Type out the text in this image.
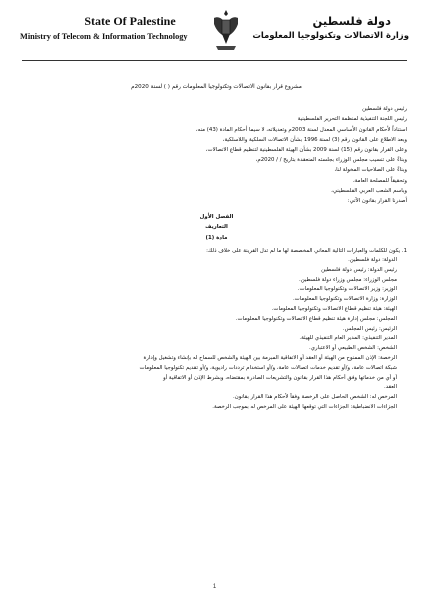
State Of Palestine
Ministry of Telecom & Information Technology
دولة فلسطين
وزارة الاتصالات وتكنولوجيا المعلومات
مشروع قرار بقانون الاتصالات وتكنولوجيا المعلومات رقم ( ) لسنة 2020م
رئيس دولة فلسطين
رئيس اللجنة التنفيذية لمنظمة التحرير الفلسطينية
استناداً لأحكام القانون الأساسي المعدل لسنة 2003م وتعديلاته، لا سيما أحكام المادة (43) منه،
وبعد الاطلاع على القانون رقم (3) لسنة 1996 بشأن الاتصالات السلكية واللاسلكية،
وعلى القرار بقانون رقم (15) لسنة 2009 بشأن الهيئة الفلسطينية لتنظيم قطاع الاتصالات،
وبناءً على تنسيب مجلس الوزراء بجلسته المنعقدة بتاريخ / / 2020م،
وبناءً على الصلاحيات المخولة لنا،
وتحقيقاً للمصلحة العامة،
وباسم الشعب العربي الفلسطيني،
أصدرنا القرار بقانون الآتي:
الفصل الأول
التعاريف
مادة (1)
1. يكون للكلمات والعبارات التالية المعاني المخصصة لها ما لم تدل القرينة على خلاف ذلك:
الدولة: دولة فلسطين.
رئيس الدولة: رئيس دولة فلسطين
مجلس الوزراء: مجلس وزراء دولة فلسطين.
الوزير: وزير الاتصالات وتكنولوجيا المعلومات.
الوزارة: وزارة الاتصالات وتكنولوجيا المعلومات.
الهيئة: هيئة تنظيم قطاع الاتصالات وتكنولوجيا المعلومات.
المجلس: مجلس إدارة هيئة تنظيم قطاع الاتصالات وتكنولوجيا المعلومات.
الرئيس: رئيس المجلس.
المدير التنفيذي: المدير العام التنفيذي للهيئة.
الشخص: الشخص الطبيعي أو الاعتباري.
الرخصة: الإذن الممنوح من الهيئة أو العقد أو الاتفاقية المبرمة بين الهيئة والشخص للسماح له بإنشاء وتشغيل وإدارة
شبكة اتصالات عامة، و/أو تقديم خدمات اتصالات عامة، و/أو استخدام ترددات راديوية، و/أو تقديم تكنولوجيا المعلومات
أو أي من خدماتها وفق أحكام هذا القرار بقانون والتشريعات الصادرة بمقتضاه، وبشرط الإذن أو الاتفاقية أو
العقد.
المرخص له: الشخص الحاصل على الرخصة وفقاً لأحكام هذا القرار بقانون.
الجزاءات الانضباطية: الجزاءات التي توقعها الهيئة على المرخص له بموجب الرخصة.
1
